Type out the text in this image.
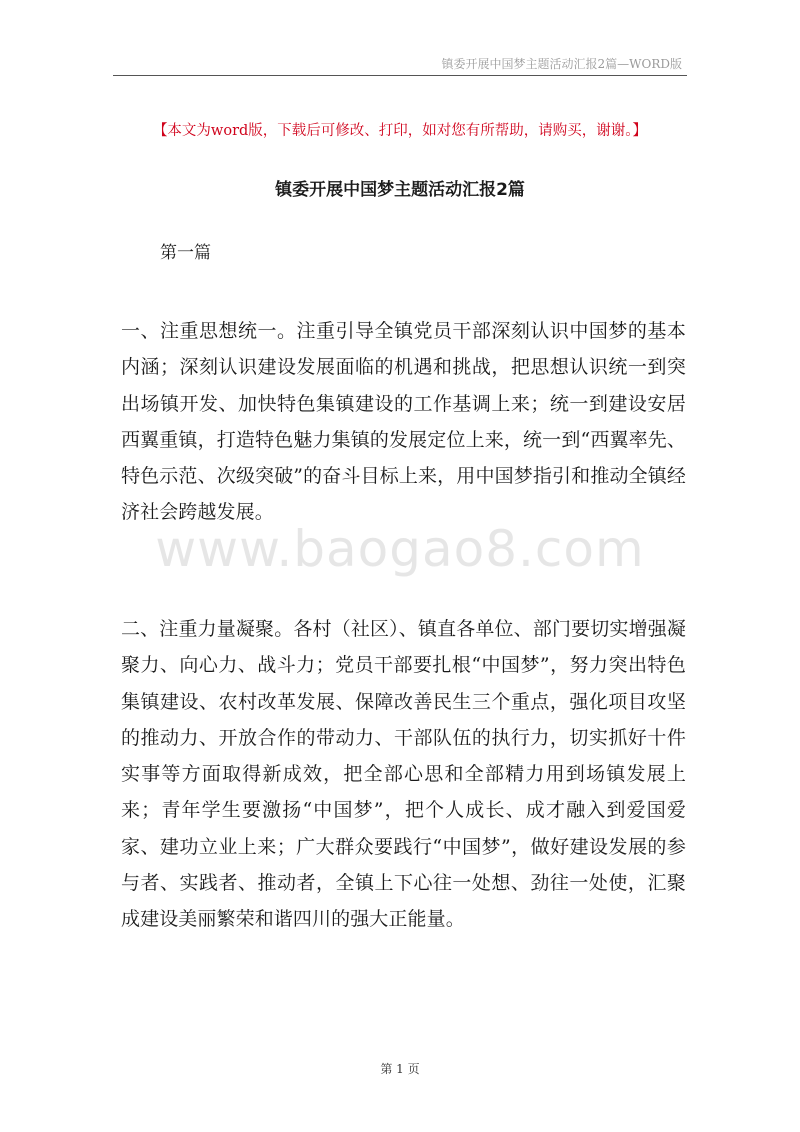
镇委开展中国梦主题活动汇报2篇—WORD版
【本文为word版，下载后可修改、打印，如对您有所帮助，请购买，谢谢。】
镇委开展中国梦主题活动汇报2篇
第一篇

一、注重思想统一。注重引导全镇党员干部深刻认识中国梦的基本内涵；深刻认识建设发展面临的机遇和挑战，把思想认识统一到突出场镇开发、加快特色集镇建设的工作基调上来；统一到建设安居西翼重镇，打造特色魅力集镇的发展定位上来，统一到“西翼率先、特色示范、次级突破”的奋斗目标上来，用中国梦指引和推动全镇经济社会跨越发展。

www.baogao8.com

二、注重力量凝聚。各村（社区）、镇直各单位、部门要切实增强凝聚力、向心力、战斗力；党员干部要扎根“中国梦”，努力突出特色集镇建设、农村改革发展、保障改善民生三个重点，强化项目攻坚的推动力、开放合作的带动力、干部队伍的执行力，切实抓好十件实事等方面取得新成效，把全部心思和全部精力用到场镇发展上来；青年学生要激扬“中国梦”，把个人成长、成才融入到爱国爱家、建功立业上来；广大群众要践行“中国梦”，做好建设发展的参与者、实践者、推动者，全镇上下心往一处想、劲往一处使，汇聚成建设美丽繁荣和谐四川的强大正能量。

第 1 页
